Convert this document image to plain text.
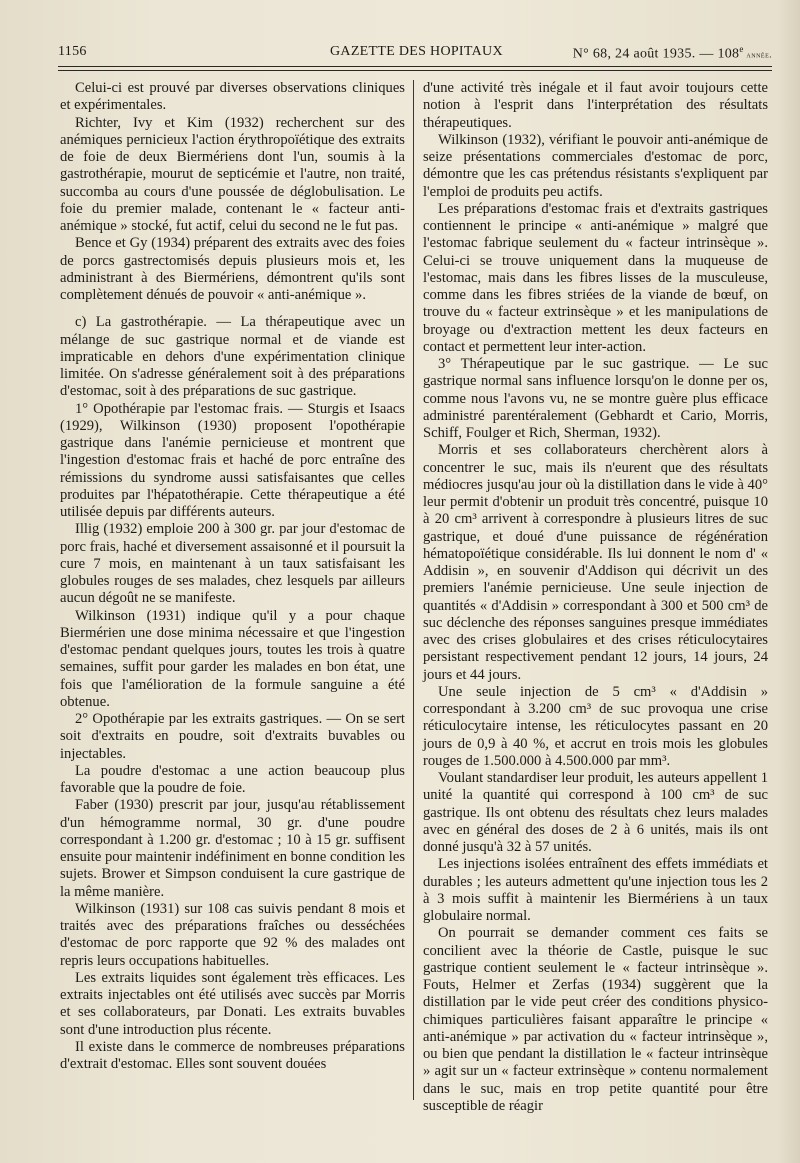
1156	GAZETTE DES HOPITAUX	N° 68, 24 août 1935. — 108e année.

Celui-ci est prouvé par diverses observations cliniques et expérimentales.

Richter, Ivy et Kim (1932) recherchent sur des anémiques pernicieux l'action érythropoïétique des extraits de foie de deux Biermériens dont l'un, soumis à la gastrothérapie, mourut de septicémie et l'autre, non traité, succomba au cours d'une poussée de déglobulisation. Le foie du premier malade, contenant le « facteur anti-anémique » stocké, fut actif, celui du second ne le fut pas.

Bence et Gy (1934) préparent des extraits avec des foies de porcs gastrectomisés depuis plusieurs mois et, les administrant à des Biermériens, démontrent qu'ils sont complètement dénués de pouvoir « anti-anémique ».

c) La gastrothérapie. — La thérapeutique avec un mélange de suc gastrique normal et de viande est impraticable en dehors d'une expérimentation clinique limitée. On s'adresse généralement soit à des préparations d'estomac, soit à des préparations de suc gastrique.

1° Opothérapie par l'estomac frais. — Sturgis et Isaacs (1929), Wilkinson (1930) proposent l'opothérapie gastrique dans l'anémie pernicieuse et montrent que l'ingestion d'estomac frais et haché de porc entraîne des rémissions du syndrome aussi satisfaisantes que celles produites par l'hépatothérapie. Cette thérapeutique a été utilisée depuis par différents auteurs.

Illig (1932) emploie 200 à 300 gr. par jour d'estomac de porc frais, haché et diversement assaisonné et il poursuit la cure 7 mois, en maintenant à un taux satisfaisant les globules rouges de ses malades, chez lesquels par ailleurs aucun dégoût ne se manifeste.

Wilkinson (1931) indique qu'il y a pour chaque Biermérien une dose minima nécessaire et que l'ingestion d'estomac pendant quelques jours, toutes les trois à quatre semaines, suffit pour garder les malades en bon état, une fois que l'amélioration de la formule sanguine a été obtenue.

2° Opothérapie par les extraits gastriques. — On se sert soit d'extraits en poudre, soit d'extraits buvables ou injectables.

La poudre d'estomac a une action beaucoup plus favorable que la poudre de foie.

Faber (1930) prescrit par jour, jusqu'au rétablissement d'un hémogramme normal, 30 gr. d'une poudre correspondant à 1.200 gr. d'estomac ; 10 à 15 gr. suffisent ensuite pour maintenir indéfiniment en bonne condition les sujets. Brower et Simpson conduisent la cure gastrique de la même manière.

Wilkinson (1931) sur 108 cas suivis pendant 8 mois et traités avec des préparations fraîches ou desséchées d'estomac de porc rapporte que 92 % des malades ont repris leurs occupations habituelles.

Les extraits liquides sont également très efficaces. Les extraits injectables ont été utilisés avec succès par Morris et ses collaborateurs, par Donati. Les extraits buvables sont d'une introduction plus récente.

Il existe dans le commerce de nombreuses préparations d'extrait d'estomac. Elles sont souvent douées

d'une activité très inégale et il faut avoir toujours cette notion à l'esprit dans l'interprétation des résultats thérapeutiques.

Wilkinson (1932), vérifiant le pouvoir anti-anémique de seize présentations commerciales d'estomac de porc, démontre que les cas prétendus résistants s'expliquent par l'emploi de produits peu actifs.

Les préparations d'estomac frais et d'extraits gastriques contiennent le principe « anti-anémique » malgré que l'estomac fabrique seulement du « facteur intrinsèque ». Celui-ci se trouve uniquement dans la muqueuse de l'estomac, mais dans les fibres lisses de la musculeuse, comme dans les fibres striées de la viande de bœuf, on trouve du « facteur extrinsèque » et les manipulations de broyage ou d'extraction mettent les deux facteurs en contact et permettent leur inter-action.

3° Thérapeutique par le suc gastrique. — Le suc gastrique normal sans influence lorsqu'on le donne per os, comme nous l'avons vu, ne se montre guère plus efficace administré parentéralement (Gebhardt et Cario, Morris, Schiff, Foulger et Rich, Sherman, 1932).

Morris et ses collaborateurs cherchèrent alors à concentrer le suc, mais ils n'eurent que des résultats médiocres jusqu'au jour où la distillation dans le vide à 40° leur permit d'obtenir un produit très concentré, puisque 10 à 20 cm³ arrivent à correspondre à plusieurs litres de suc gastrique, et doué d'une puissance de régénération hématopoïétique considérable. Ils lui donnent le nom d' « Addisin », en souvenir d'Addison qui décrivit un des premiers l'anémie pernicieuse. Une seule injection de quantités « d'Addisin » correspondant à 300 et 500 cm³ de suc déclenche des réponses sanguines presque immédiates avec des crises globulaires et des crises réticulocytaires persistant respectivement pendant 12 jours, 14 jours, 24 jours et 44 jours.

Une seule injection de 5 cm³ « d'Addisin » correspondant à 3.200 cm³ de suc provoqua une crise réticulocytaire intense, les réticulocytes passant en 20 jours de 0,9 à 40 %, et accrut en trois mois les globules rouges de 1.500.000 à 4.500.000 par mm³.

Voulant standardiser leur produit, les auteurs appellent 1 unité la quantité qui correspond à 100 cm³ de suc gastrique. Ils ont obtenu des résultats chez leurs malades avec en général des doses de 2 à 6 unités, mais ils ont donné jusqu'à 32 à 57 unités.

Les injections isolées entraînent des effets immédiats et durables ; les auteurs admettent qu'une injection tous les 2 à 3 mois suffit à maintenir les Biermériens à un taux globulaire normal.

On pourrait se demander comment ces faits se concilient avec la théorie de Castle, puisque le suc gastrique contient seulement le « facteur intrinsèque ». Fouts, Helmer et Zerfas (1934) suggèrent que la distillation par le vide peut créer des conditions physico-chimiques particulières faisant apparaître le principe « anti-anémique » par activation du « facteur intrinsèque », ou bien que pendant la distillation le « facteur intrinsèque » agit sur un « facteur extrinsèque » contenu normalement dans le suc, mais en trop petite quantité pour être susceptible de réagir
